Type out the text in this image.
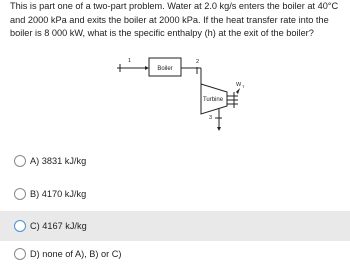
This is part one of a two-part problem. Water at 2.0 kg/s enters the boiler at 40°C and 2000 kPa and exits the boiler at 2000 kPa. If the heat transfer rate into the boiler is 8 000 kW, what is the specific enthalpy (h) at the exit of the boiler?

1
Boiler
2
Turbine
W T
3
A) 3831 kJ/kg
B) 4170 kJ/kg
C) 4167 kJ/kg
D) none of A), B) or C)
